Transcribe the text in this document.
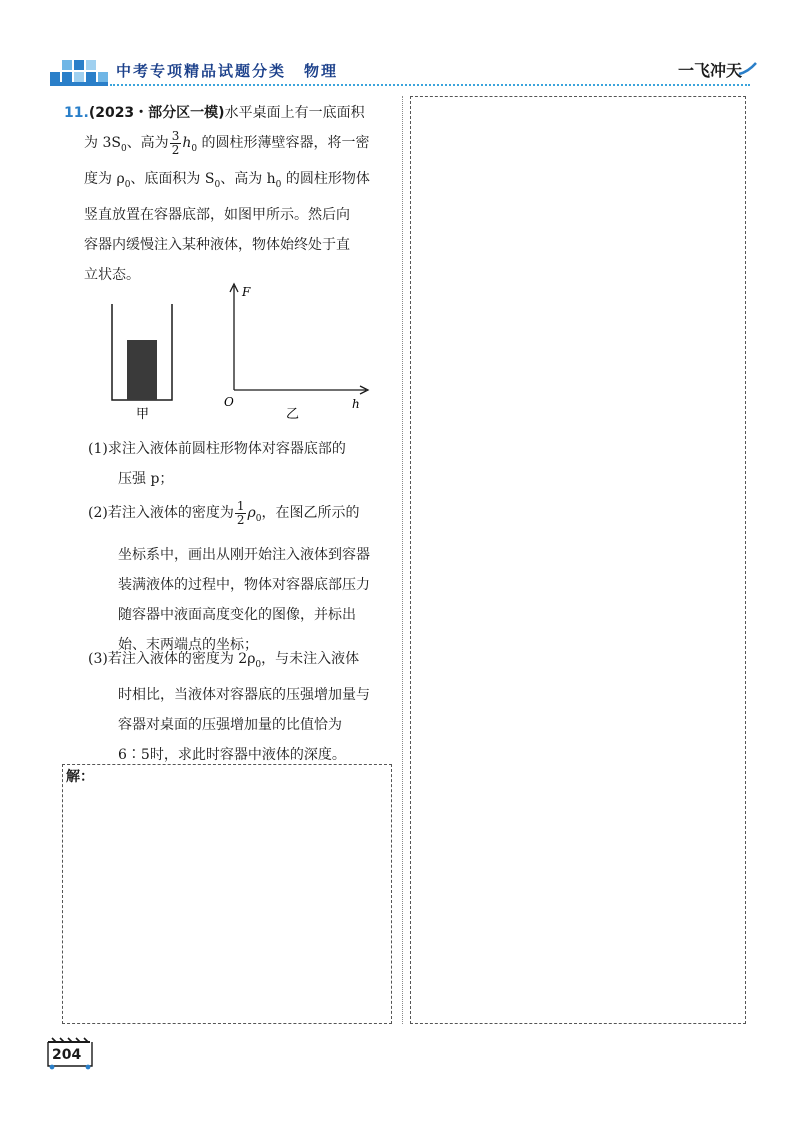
中考专项精品试题分类 物理	一飞冲天
11.(2023・部分区一模)水平桌面上有一底面积
为 $3S_0$、高为 $\frac{3}{2} h_0$ 的圆柱形薄壁容器，将一密
度为 $\rho_0$、底面积为 $S_0$、高为 $h_0$ 的圆柱形物体
竖直放置在容器底部，如图甲所示。然后向
容器内缓慢注入某种液体，物体始终处于直
立状态。
甲
F
O	h
乙
(1)求注入液体前圆柱形物体对容器底部的
压强 p；
(2)若注入液体的密度为 $\frac{1}{2} \rho_0$，在图乙所示的
坐标系中，画出从刚开始注入液体到容器
装满液体的过程中，物体对容器底部压力
随容器中液面高度变化的图像，并标出
始、末两端点的坐标；
(3)若注入液体的密度为 $2\rho_0$，与未注入液体
时相比，当液体对容器底的压强增加量与
容器对桌面的压强增加量的比值恰为
6∶5时，求此时容器中液体的深度。
解：
204
